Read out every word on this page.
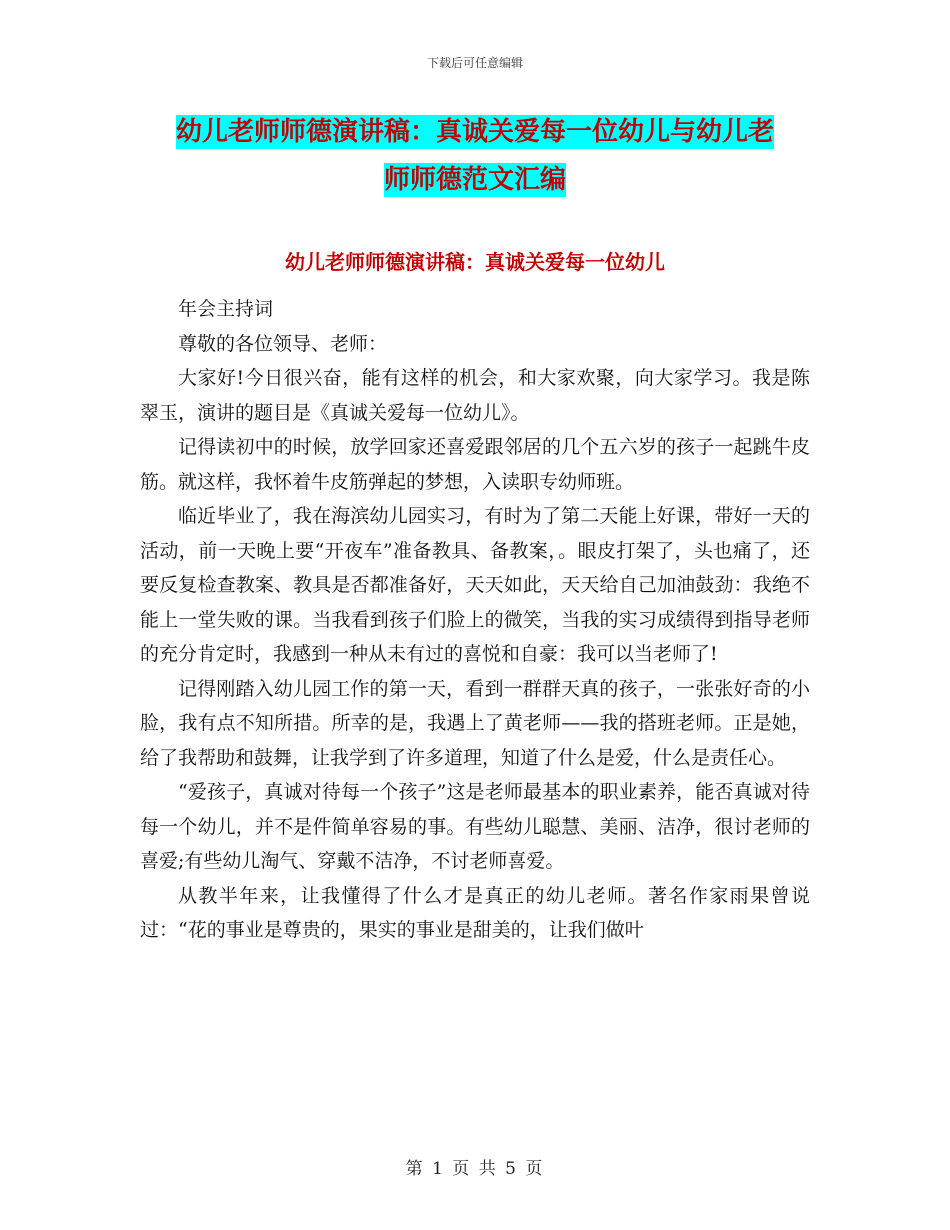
下载后可任意编辑
幼儿老师师德演讲稿：真诚关爱每一位幼儿与幼儿老
师师德范文汇编
幼儿老师师德演讲稿：真诚关爱每一位幼儿

年会主持词

尊敬的各位领导、老师：

大家好!今日很兴奋，能有这样的机会，和大家欢聚，向大家学习。我是陈翠玉，演讲的题目是《真诚关爱每一位幼儿》。

记得读初中的时候，放学回家还喜爱跟邻居的几个五六岁的孩子一起跳牛皮筋。就这样，我怀着牛皮筋弹起的梦想，入读职专幼师班。

临近毕业了，我在海滨幼儿园实习，有时为了第二天能上好课，带好一天的活动，前一天晚上要“开夜车”准备教具、备教案，。眼皮打架了，头也痛了，还要反复检查教案、教具是否都准备好，天天如此，天天给自己加油鼓劲：我绝不能上一堂失败的课。当我看到孩子们脸上的微笑，当我的实习成绩得到指导老师的充分肯定时，我感到一种从未有过的喜悦和自豪：我可以当老师了!

记得刚踏入幼儿园工作的第一天，看到一群群天真的孩子，一张张好奇的小脸，我有点不知所措。所幸的是，我遇上了黄老师——我的搭班老师。正是她，给了我帮助和鼓舞，让我学到了许多道理，知道了什么是爱，什么是责任心。

“爱孩子，真诚对待每一个孩子”这是老师最基本的职业素养，能否真诚对待每一个幼儿，并不是件简单容易的事。有些幼儿聪慧、美丽、洁净，很讨老师的喜爱;有些幼儿淘气、穿戴不洁净，不讨老师喜爱。

从教半年来，让我懂得了什么才是真正的幼儿老师。著名作家雨果曾说过：“花的事业是尊贵的，果实的事业是甜美的，让我们做叶

第 1 页 共 5 页
